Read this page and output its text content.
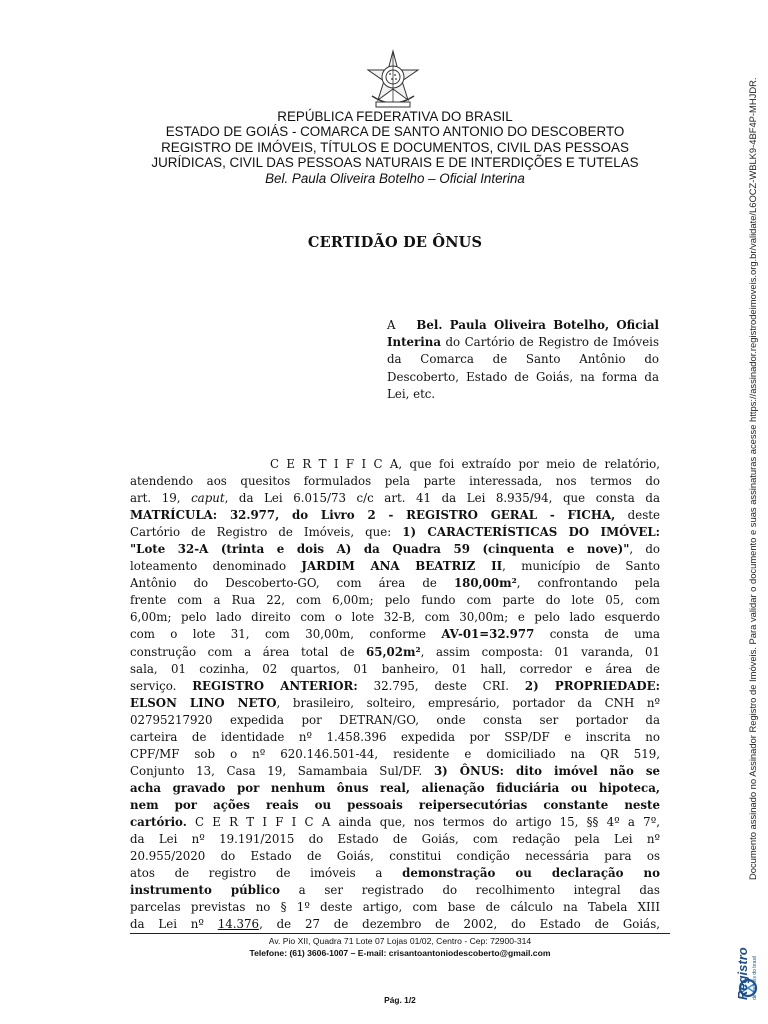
REPÚBLICA FEDERATIVA DO BRASIL
ESTADO DE GOIÁS - COMARCA DE SANTO ANTONIO DO DESCOBERTO
REGISTRO DE IMÓVEIS, TÍTULOS E DOCUMENTOS, CIVIL DAS PESSOAS
JURÍDICAS, CIVIL DAS PESSOAS NATURAIS E DE INTERDIÇÕES E TUTELAS
Bel. Paula Oliveira Botelho – Oficial Interina
CERTIDÃO DE ÔNUS
A Bel. Paula Oliveira Botelho, Oficial Interina do Cartório de Registro de Imóveis da Comarca de Santo Antônio do Descoberto, Estado de Goiás, na forma da Lei, etc.
C E R T I F I C A, que foi extraído por meio de relatório,
atendendo aos quesitos formulados pela parte interessada, nos termos do
art. 19, caput, da Lei 6.015/73 c/c art. 41 da Lei 8.935/94, que consta da
MATRÍCULA: 32.977, do Livro 2 - REGISTRO GERAL - FICHA, deste
Cartório de Registro de Imóveis, que: 1) CARACTERÍSTICAS DO IMÓVEL:
"Lote 32-A (trinta e dois A) da Quadra 59 (cinquenta e nove)", do
loteamento denominado JARDIM ANA BEATRIZ II, município de Santo
Antônio do Descoberto-GO, com área de 180,00m², confrontando pela
frente com a Rua 22, com 6,00m; pelo fundo com parte do lote 05, com
6,00m; pelo lado direito com o lote 32-B, com 30,00m; e pelo lado esquerdo
com o lote 31, com 30,00m, conforme AV-01=32.977 consta de uma
construção com a área total de 65,02m², assim composta: 01 varanda, 01
sala, 01 cozinha, 02 quartos, 01 banheiro, 01 hall, corredor e área de
serviço. REGISTRO ANTERIOR: 32.795, deste CRI. 2) PROPRIEDADE:
ELSON LINO NETO, brasileiro, solteiro, empresário, portador da CNH nº
02795217920 expedida por DETRAN/GO, onde consta ser portador da
carteira de identidade nº 1.458.396 expedida por SSP/DF e inscrita no
CPF/MF sob o nº 620.146.501-44, residente e domiciliado na QR 519,
Conjunto 13, Casa 19, Samambaia Sul/DF. 3) ÔNUS: dito imóvel não se
acha gravado por nenhum ônus real, alienação fiduciária ou hipoteca,
nem por ações reais ou pessoais reipersecutórias constante neste
cartório. C E R T I F I C A ainda que, nos termos do artigo 15, §§ 4º a 7º,
da Lei nº 19.191/2015 do Estado de Goiás, com redação pela Lei nº
20.955/2020 do Estado de Goiás, constitui condição necessária para os
atos de registro de imóveis a demonstração ou declaração no
instrumento público a ser registrado do recolhimento integral das
parcelas previstas no § 1º deste artigo, com base de cálculo na Tabela XIII
da Lei nº 14.376, de 27 de dezembro de 2002, do Estado de Goiás,
Av. Pio XII, Quadra 71 Lote 07 Lojas 01/02, Centro - Cep: 72900-314
Telefone: (61) 3606-1007 – E-mail: crisantoantoniodescoberto@gmail.com
Pág. 1/2
Documento assinado no Assinador Registro de Imóveis. Para validar o documento e suas assinaturas acesse https://assinador.registrodeimoveis.org.br/validate/L6OCZ-WBLK9-4BF4P-MHJDR.
Registro de imóveis do brasil
